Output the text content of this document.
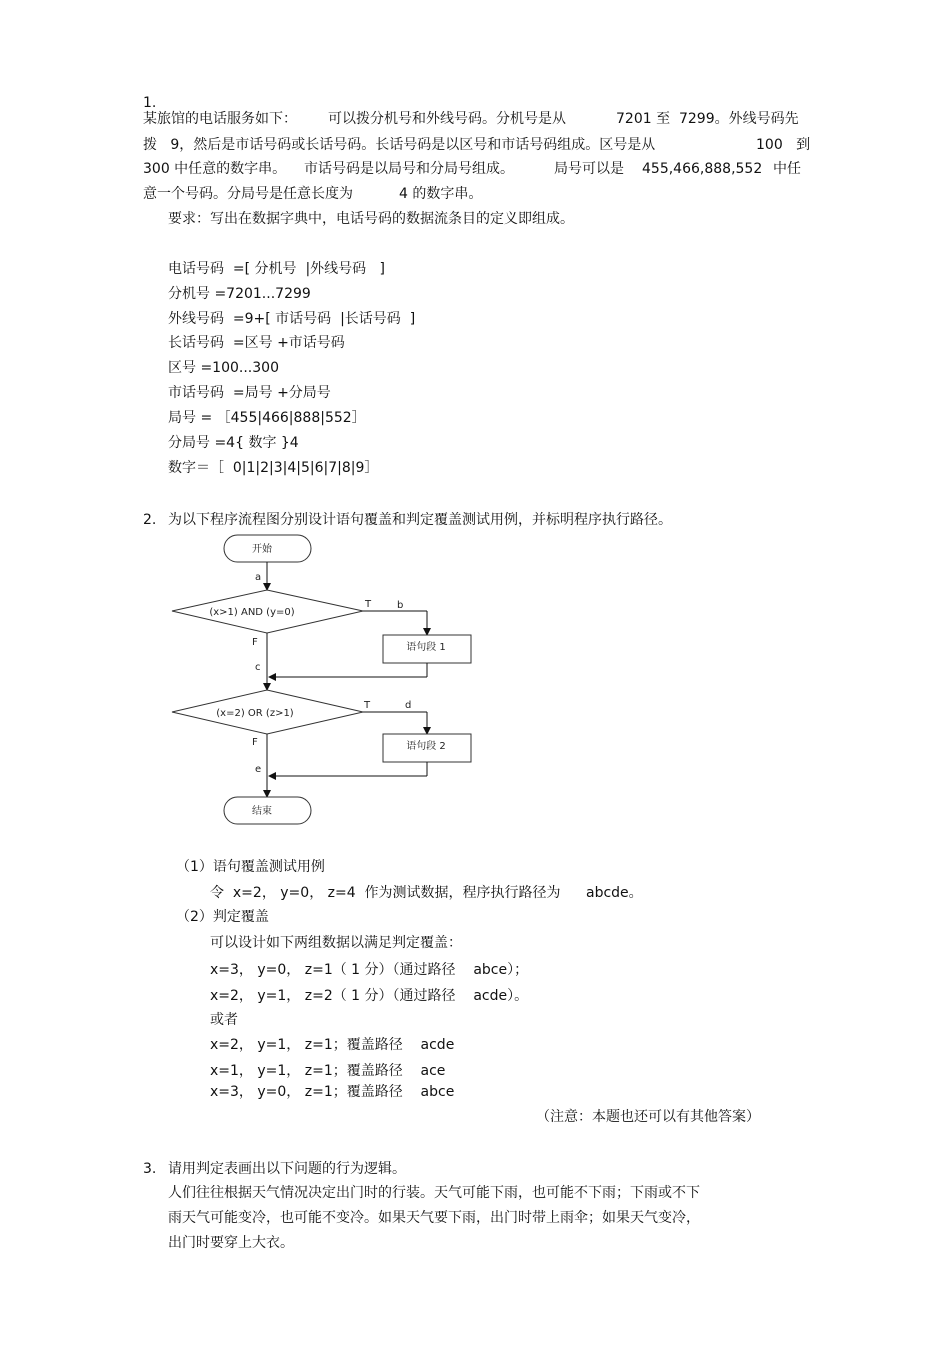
1.
某旅馆的电话服务如下： 可以拨分机号和外线号码。分机号是从	7201 至  7299。外线号码先
拨   9，然后是市话号码或长话号码。长话号码是以区号和市话号码组成。区号是从	100   到
300 中任意的数字串。 市话号码是以局号和分局号组成。	局号可以是 455,466,888,552 中任
意一个号码。分局号是任意长度为	4 的数字串。
要求：写出在数据字典中，电话号码的数据流条目的定义即组成。
电话号码  =[ 分机号  |外线号码   ]
分机号 =7201...7299
外线号码  =9+[ 市话号码  |长话号码  ]
长话号码  =区号 +市话号码
区号 =100...300
市话号码  =局号 +分局号
局号 = ［455|466|888|552］
分局号 =4{ 数字 }4
数字＝［  0|1|2|3|4|5|6|7|8|9］
2. 为以下程序流程图分别设计语句覆盖和判定覆盖测试用例，并标明程序执行路径。
开始
a
(x>1) AND (y=0)
T	b
语句段 1
F
c
(x=2) OR (z>1)
T	d
语句段 2
F
e
结束
（1）语句覆盖测试用例
令  x=2， y=0， z=4  作为测试数据，程序执行路径为 abcde。
（2）判定覆盖
可以设计如下两组数据以满足判定覆盖：
x=3， y=0， z=1（ 1 分）（通过路径    abce）；
x=2， y=1， z=2（ 1 分）（通过路径    acde）。
或者
x=2， y=1， z=1；覆盖路径    acde
x=1， y=1， z=1；覆盖路径    ace
x=3， y=0， z=1；覆盖路径    abce
（注意：本题也还可以有其他答案）
3. 请用判定表画出以下问题的行为逻辑。
人们往往根据天气情况决定出门时的行装。天气可能下雨，也可能不下雨；下雨或不下
雨天气可能变冷，也可能不变冷。如果天气要下雨，出门时带上雨伞；如果天气变冷，
出门时要穿上大衣。
